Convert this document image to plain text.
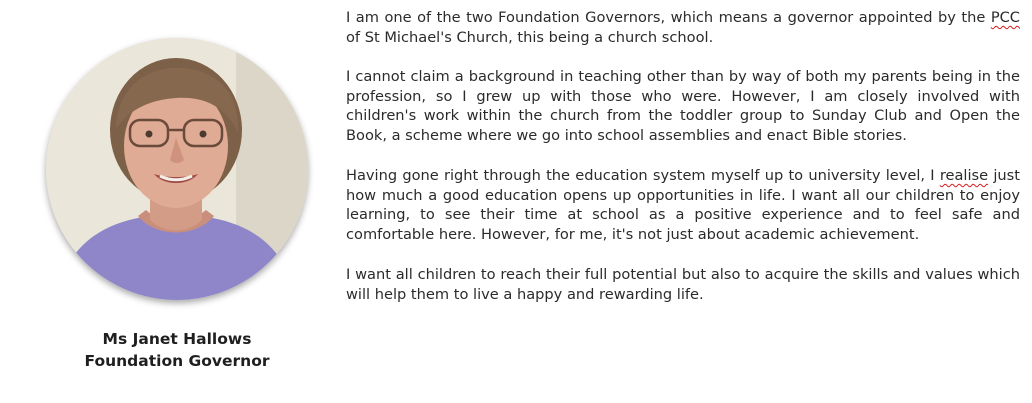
Ms Janet Hallows
Foundation Governor

I am one of the two Foundation Governors, which means a governor appointed by the PCC of St Michael's Church, this being a church school.

I cannot claim a background in teaching other than by way of both my parents being in the profession, so I grew up with those who were. However, I am closely involved with children's work within the church from the toddler group to Sunday Club and Open the Book, a scheme where we go into school assemblies and enact Bible stories.

Having gone right through the education system myself up to university level, I realise just how much a good education opens up opportunities in life. I want all our children to enjoy learning, to see their time at school as a positive experience and to feel safe and comfortable here. However, for me, it's not just about academic achievement.

I want all children to reach their full potential but also to acquire the skills and values which will help them to live a happy and rewarding life.
